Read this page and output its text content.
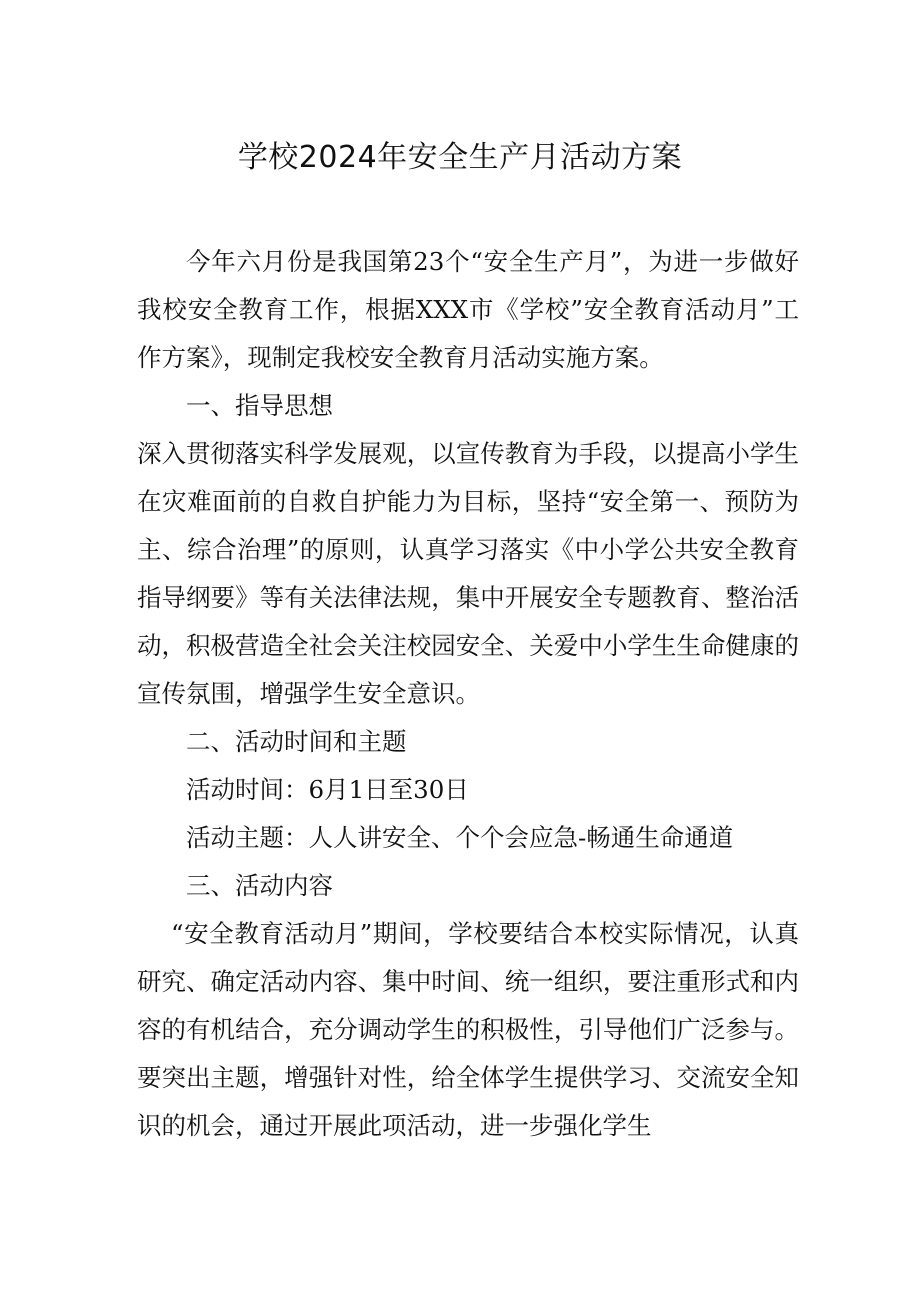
学校2024年安全生产月活动方案

今年六月份是我国第23个“安全生产月”，为进一步做好我校安全教育工作，根据XXX市《学校”安全教育活动月”工作方案》，现制定我校安全教育月活动实施方案。

一、指导思想

深入贯彻落实科学发展观，以宣传教育为手段，以提高小学生在灾难面前的自救自护能力为目标，坚持“安全第一、预防为主、综合治理”的原则，认真学习落实《中小学公共安全教育指导纲要》等有关法律法规，集中开展安全专题教育、整治活动，积极营造全社会关注校园安全、关爱中小学生生命健康的宣传氛围，增强学生安全意识。

二、活动时间和主题

活动时间：6月1日至30日

活动主题：人人讲安全、个个会应急-畅通生命通道

三、活动内容

“安全教育活动月”期间，学校要结合本校实际情况，认真研究、确定活动内容、集中时间、统一组织，要注重形式和内容的有机结合，充分调动学生的积极性，引导他们广泛参与。要突出主题，增强针对性，给全体学生提供学习、交流安全知识的机会，通过开展此项活动，进一步强化学生
